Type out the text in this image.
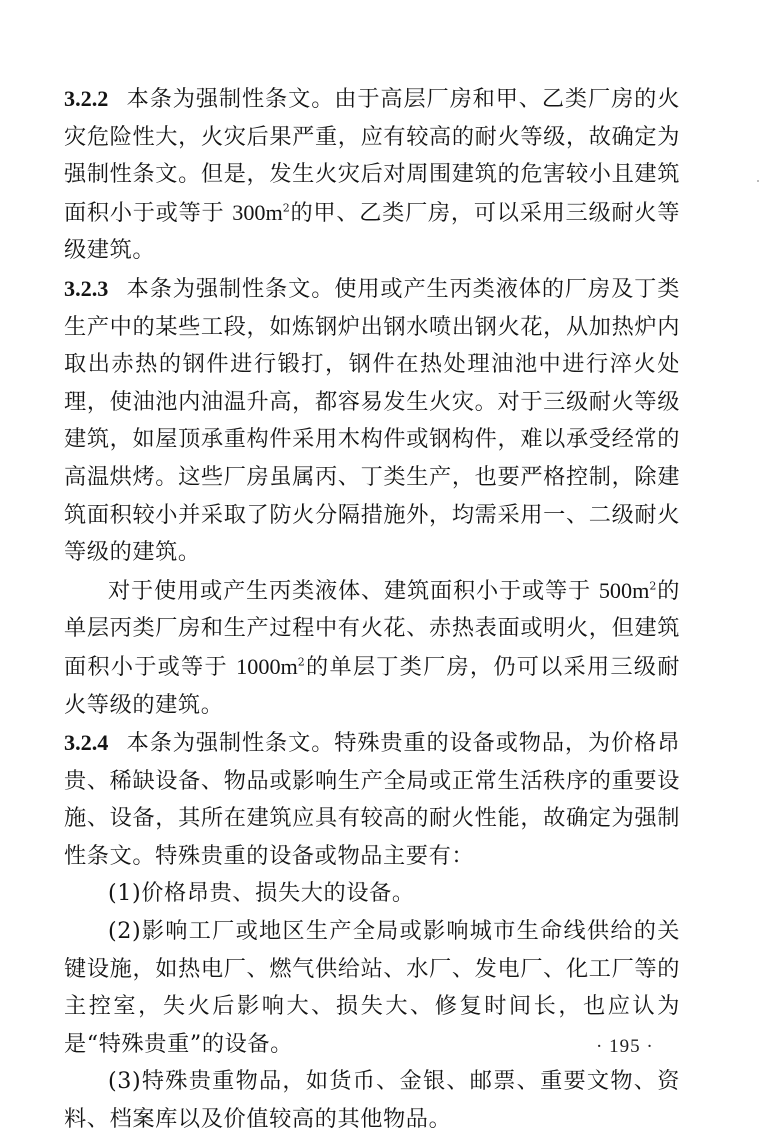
3.2.2 本条为强制性条文。由于高层厂房和甲、乙类厂房的火灾危险性大，火灾后果严重，应有较高的耐火等级，故确定为强制性条文。但是，发生火灾后对周围建筑的危害较小且建筑面积小于或等于 $300m^2$的甲、乙类厂房，可以采用三级耐火等级建筑。

3.2.3 本条为强制性条文。使用或产生丙类液体的厂房及丁类生产中的某些工段，如炼钢炉出钢水喷出钢火花，从加热炉内取出赤热的钢件进行锻打，钢件在热处理油池中进行淬火处理，使油池内油温升高，都容易发生火灾。对于三级耐火等级建筑，如屋顶承重构件采用木构件或钢构件，难以承受经常的高温烘烤。这些厂房虽属丙、丁类生产，也要严格控制，除建筑面积较小并采取了防火分隔措施外，均需采用一、二级耐火等级的建筑。

对于使用或产生丙类液体、建筑面积小于或等于 $500m^2$的单层丙类厂房和生产过程中有火花、赤热表面或明火，但建筑面积小于或等于 $1000m^2$的单层丁类厂房，仍可以采用三级耐火等级的建筑。

3.2.4 本条为强制性条文。特殊贵重的设备或物品，为价格昂贵、稀缺设备、物品或影响生产全局或正常生活秩序的重要设施、设备，其所在建筑应具有较高的耐火性能，故确定为强制性条文。特殊贵重的设备或物品主要有：

(1)价格昂贵、损失大的设备。

(2)影响工厂或地区生产全局或影响城市生命线供给的关键设施，如热电厂、燃气供给站、水厂、发电厂、化工厂等的主控室，失火后影响大、损失大、修复时间长，也应认为是“特殊贵重”的设备。

(3)特殊贵重物品，如货币、金银、邮票、重要文物、资料、档案库以及价值较高的其他物品。

· 195 ·
